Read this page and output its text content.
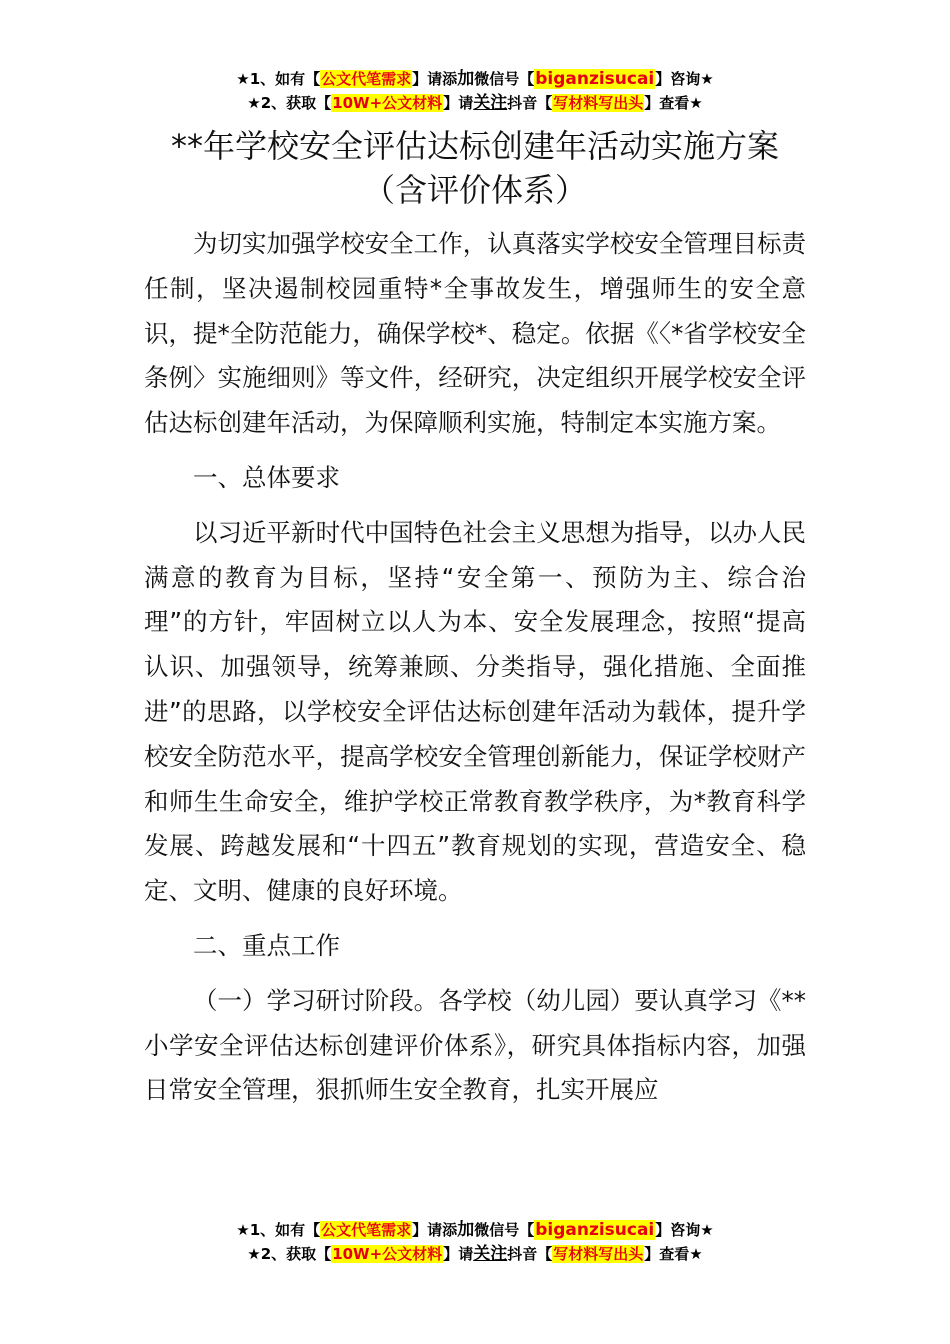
★1、如有【公文代笔需求】请添加微信号【biganzisucai】咨询★
★2、获取【10W+公文材料】请关注抖音【写材料写出头】查看★
**年学校安全评估达标创建年活动实施方案
（含评价体系）

为切实加强学校安全工作，认真落实学校安全管理目标责任制，坚决遏制校园重特*全事故发生，增强师生的安全意识，提*全防范能力，确保学校*、稳定。依据《〈*省学校安全条例〉实施细则》等文件，经研究，决定组织开展学校安全评估达标创建年活动，为保障顺利实施，特制定本实施方案。

一、总体要求

以习近平新时代中国特色社会主义思想为指导，以办人民满意的教育为目标，坚持“安全第一、预防为主、综合治理”的方针，牢固树立以人为本、安全发展理念，按照“提高认识、加强领导，统筹兼顾、分类指导，强化措施、全面推进”的思路，以学校安全评估达标创建年活动为载体，提升学校安全防范水平，提高学校安全管理创新能力，保证学校财产和师生生命安全，维护学校正常教育教学秩序，为*教育科学发展、跨越发展和“十四五”教育规划的实现，营造安全、稳定、文明、健康的良好环境。

二、重点工作

（一）学习研讨阶段。各学校（幼儿园）要认真学习《**小学安全评估达标创建评价体系》，研究具体指标内容，加强日常安全管理，狠抓师生安全教育，扎实开展应

★1、如有【公文代笔需求】请添加微信号【biganzisucai】咨询★
★2、获取【10W+公文材料】请关注抖音【写材料写出头】查看★
